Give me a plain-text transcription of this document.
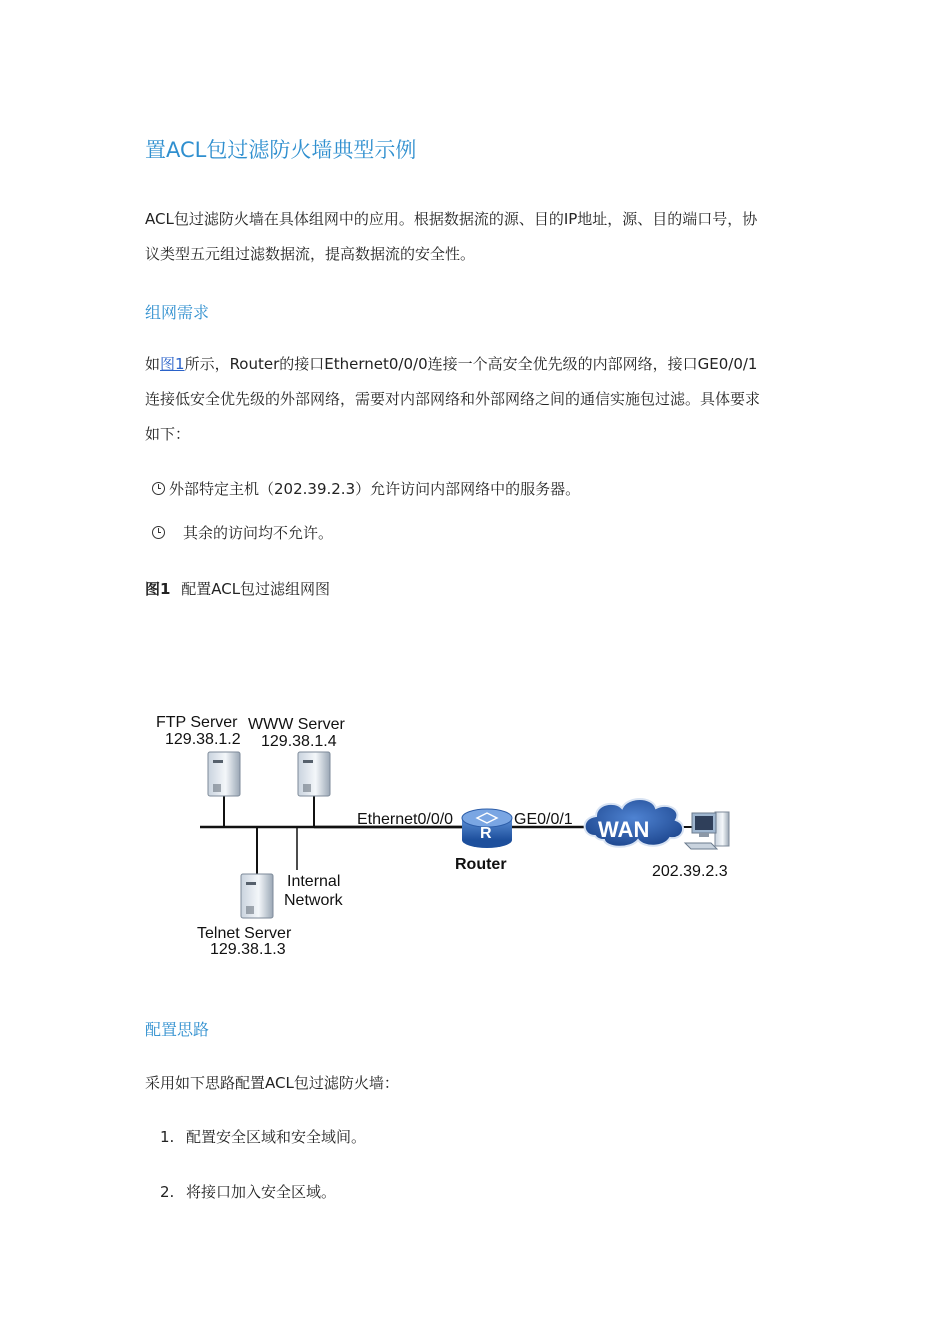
置ACL包过滤防火墙典型示例
ACL包过滤防火墙在具体组网中的应用。根据数据流的源、目的IP地址，源、目的端口号，协
议类型五元组过滤数据流，提高数据流的安全性。
组网需求
如图1所示，Router的接口Ethernet0/0/0连接一个高安全优先级的内部网络，接口GE0/0/1
连接低安全优先级的外部网络，需要对内部网络和外部网络之间的通信实施包过滤。具体要求
如下：
外部特定主机（202.39.2.3）允许访问内部网络中的服务器。
其余的访问均不允许。
图1 配置ACL包过滤组网图
FTP Server
129.38.1.2
WWW Server
129.38.1.4
Telnet Server
129.38.1.3
Internal
Network
Ethernet0/0/0	GE0/0/1
R
Router
WAN
202.39.2.3
配置思路
采用如下思路配置ACL包过滤防火墙：
1. 配置安全区域和安全域间。
2. 将接口加入安全区域。
